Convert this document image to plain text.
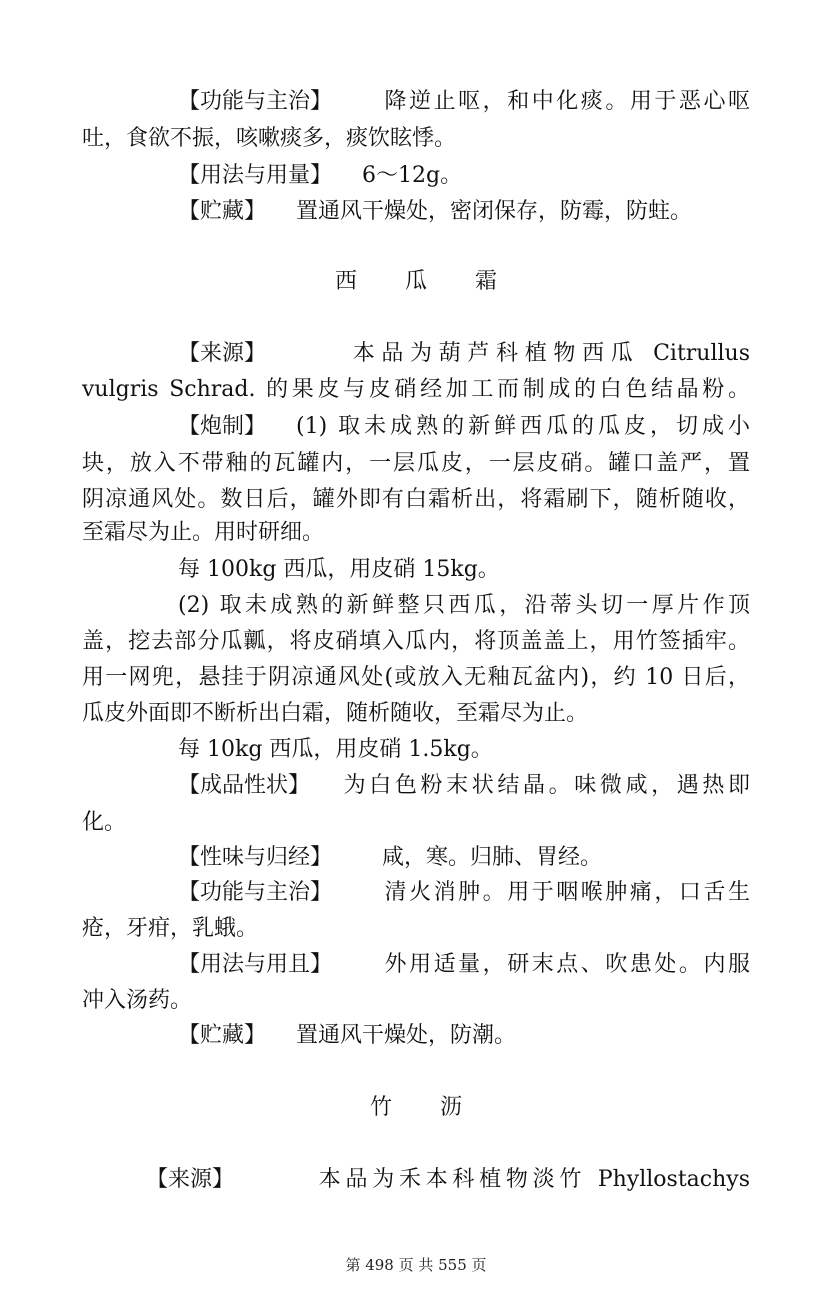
【功能与主治】 降逆止呕，和中化痰。用于恶心呕
吐，食欲不振，咳嗽痰多，痰饮眩悸。
【用法与用量】 6～12g。
【贮藏】 置通风干燥处，密闭保存，防霉，防蛀。
西 瓜 霜
【来源】	本品为葫芦科植物西瓜 Citrullus
vulgris Schrad. 的果皮与皮硝经加工而制成的白色结晶粉。
【炮制】 (1) 取未成熟的新鲜西瓜的瓜皮，切成小
块，放入不带釉的瓦罐内，一层瓜皮，一层皮硝。罐口盖严，置
阴凉通风处。数日后，罐外即有白霜析出，将霜刷下，随析随收，
至霜尽为止。用时研细。
每 100kg 西瓜，用皮硝 15kg。
(2) 取未成熟的新鲜整只西瓜，沿蒂头切一厚片作顶
盖，挖去部分瓜瓤，将皮硝填入瓜内，将顶盖盖上，用竹签插牢。
用一网兜，悬挂于阴凉通风处(或放入无釉瓦盆内)，约 10 日后，
瓜皮外面即不断析出白霜，随析随收，至霜尽为止。
每 10kg 西瓜，用皮硝 1.5kg。
【成品性状】 为白色粉末状结晶。味微咸，遇热即
化。
【性味与归经】 咸，寒。归肺、胃经。
【功能与主治】 清火消肿。用于咽喉肿痛，口舌生
疮，牙疳，乳蛾。
【用法与用且】 外用适量，研末点、吹患处。内服
冲入汤药。
【贮藏】 置通风干燥处，防潮。
竹 沥
【来源】	本品为禾本科植物淡竹 Phyllostachys
第 498 页 共 555 页
